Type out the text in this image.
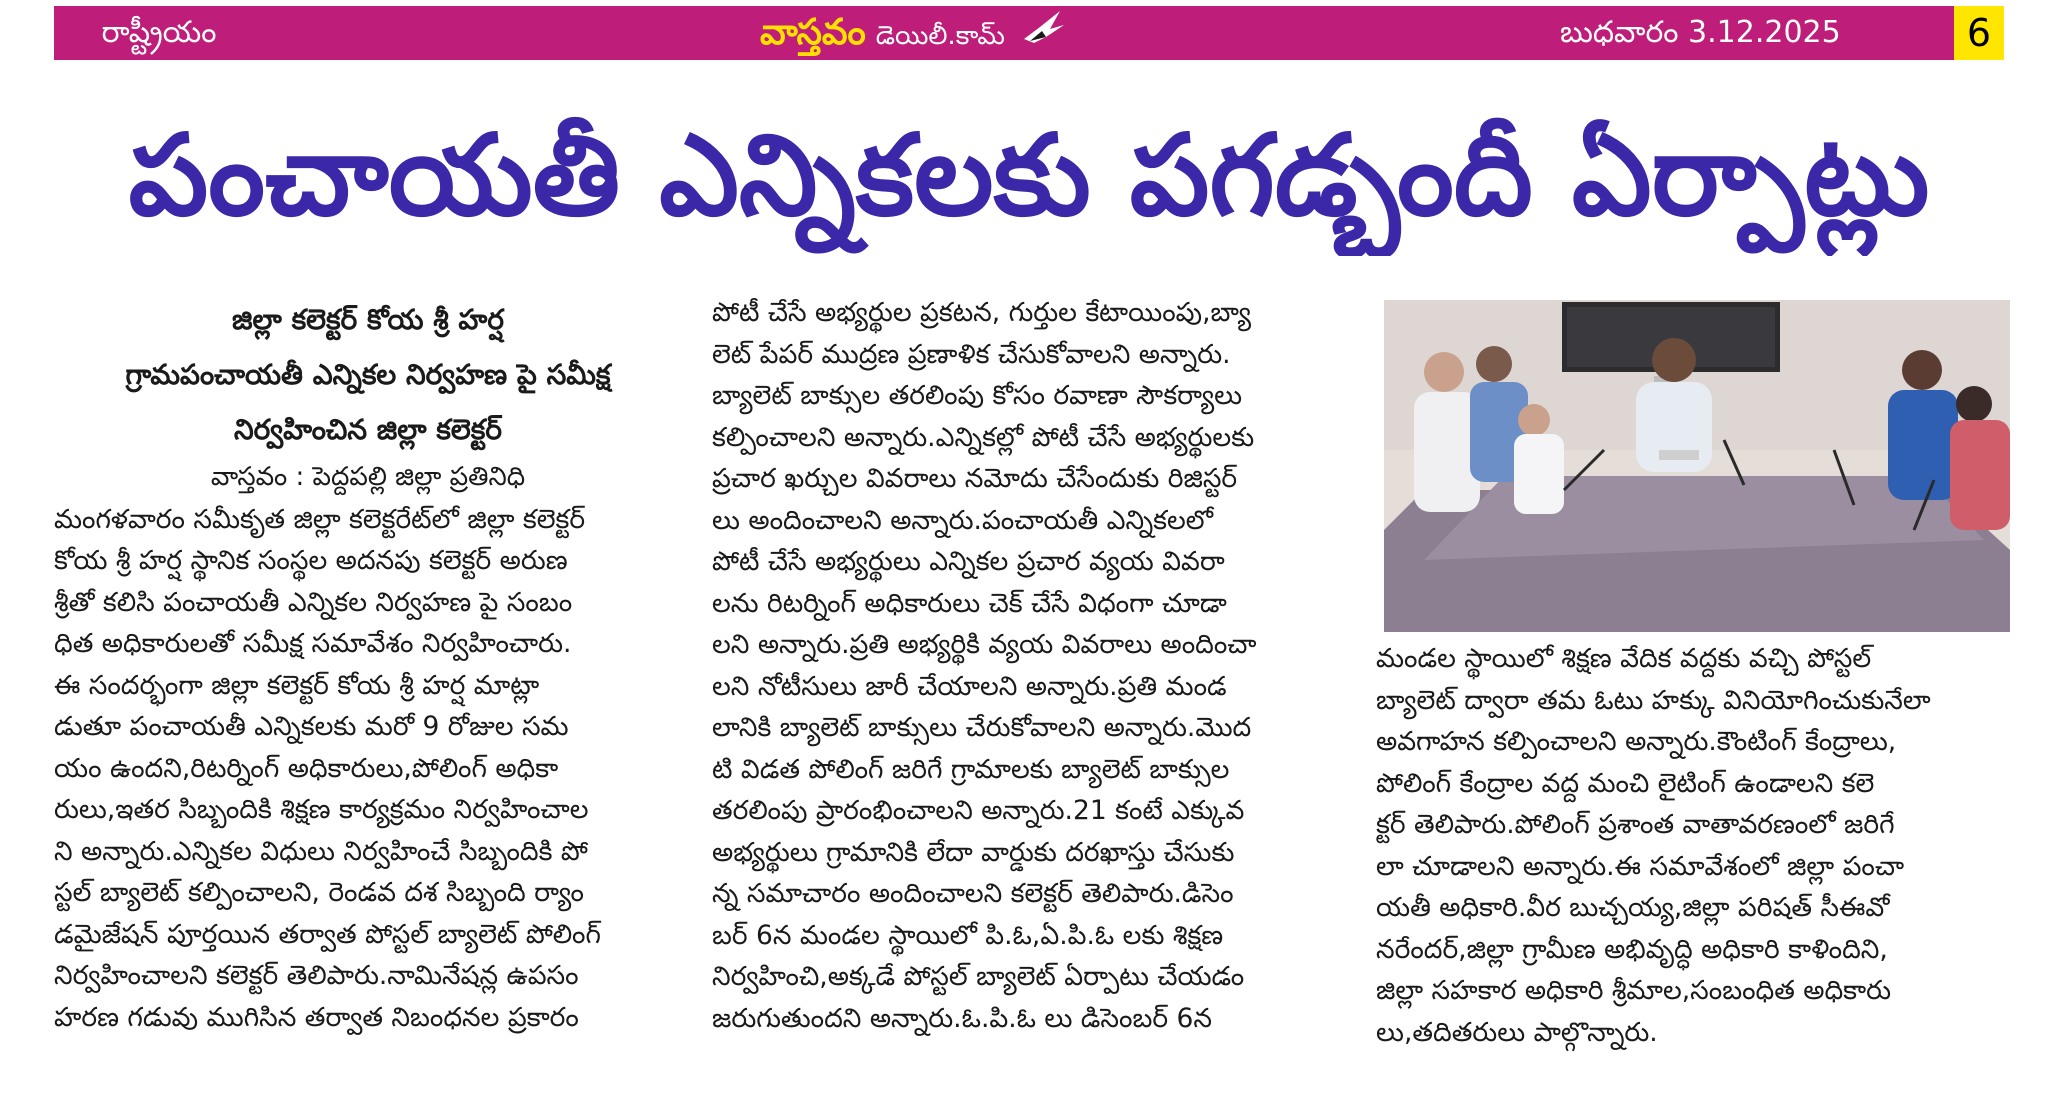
రాష్ట్రీయం	వాస్తవం డెయిలీ.కామ్	బుధవారం 3.12.2025	6
పంచాయతీ ఎన్నికలకు పగడ్బందీ ఏర్పాట్లు
జిల్లా కలెక్టర్ కోయ శ్రీ హర్ష
గ్రామపంచాయతీ ఎన్నికల నిర్వహణ పై సమీక్ష
నిర్వహించిన జిల్లా కలెక్టర్
వాస్తవం : పెద్దపల్లి జిల్లా ప్రతినిధి
మంగళవారం సమీకృత జిల్లా కలెక్టరేట్‌లో జిల్లా కలెక్టర్
కోయ శ్రీ హర్ష స్థానిక సంస్థల అదనపు కలెక్టర్ అరుణ
శ్రీతో కలిసి పంచాయతీ ఎన్నికల నిర్వహణ పై సంబం
ధిత అధికారులతో సమీక్ష సమావేశం నిర్వహించారు.
ఈ సందర్భంగా జిల్లా కలెక్టర్ కోయ శ్రీ హర్ష మాట్లా
డుతూ పంచాయతీ ఎన్నికలకు మరో 9 రోజుల సమ
యం ఉందని,రిటర్నింగ్ అధికారులు,పోలింగ్ అధికా
రులు,ఇతర సిబ్బందికి శిక్షణ కార్యక్రమం నిర్వహించాల
ని అన్నారు.ఎన్నికల విధులు నిర్వహించే సిబ్బందికి పో
స్టల్ బ్యాలెట్ కల్పించాలని, రెండవ దశ సిబ్బంది ర్యాం
డమైజేషన్ పూర్తయిన తర్వాత పోస్టల్ బ్యాలెట్ పోలింగ్
నిర్వహించాలని కలెక్టర్ తెలిపారు.నామినేషన్ల ఉపసం
హరణ గడువు ముగిసిన తర్వాత నిబంధనల ప్రకారం
పోటీ చేసే అభ్యర్థుల ప్రకటన, గుర్తుల కేటాయింపు,బ్యా
లెట్ పేపర్ ముద్రణ ప్రణాళిక చేసుకోవాలని అన్నారు.
బ్యాలెట్ బాక్సుల తరలింపు కోసం రవాణా సౌకర్యాలు
కల్పించాలని అన్నారు.ఎన్నికల్లో పోటీ చేసే అభ్యర్థులకు
ప్రచార ఖర్చుల వివరాలు నమోదు చేసేందుకు రిజిస్టర్
లు అందించాలని అన్నారు.పంచాయతీ ఎన్నికలలో
పోటీ చేసే అభ్యర్థులు ఎన్నికల ప్రచార వ్యయ వివరా
లను రిటర్నింగ్ అధికారులు చెక్ చేసే విధంగా చూడా
లని అన్నారు.ప్రతి అభ్యర్థికి వ్యయ వివరాలు అందించా
లని నోటీసులు జారీ చేయాలని అన్నారు.ప్రతి మండ
లానికి బ్యాలెట్ బాక్సులు చేరుకోవాలని అన్నారు.మొద
టి విడత పోలింగ్ జరిగే గ్రామాలకు బ్యాలెట్ బాక్సుల
తరలింపు ప్రారంభించాలని అన్నారు.21 కంటే ఎక్కువ
అభ్యర్థులు గ్రామానికి లేదా వార్డుకు దరఖాస్తు చేసుకు
న్న సమాచారం అందించాలని కలెక్టర్ తెలిపారు.డిసెం
బర్ 6న మండల స్థాయిలో పి.ఓ,ఏ.పి.ఓ లకు శిక్షణ
నిర్వహించి,అక్కడే పోస్టల్ బ్యాలెట్ ఏర్పాటు చేయడం
జరుగుతుందని అన్నారు.ఓ.పి.ఓ లు డిసెంబర్ 6న
మండల స్థాయిలో శిక్షణ వేదిక వద్దకు వచ్చి పోస్టల్
బ్యాలెట్ ద్వారా తమ ఓటు హక్కు వినియోగించుకునేలా
అవగాహన కల్పించాలని అన్నారు.కౌంటింగ్ కేంద్రాలు,
పోలింగ్ కేంద్రాల వద్ద మంచి లైటింగ్ ఉండాలని కలె
క్టర్ తెలిపారు.పోలింగ్ ప్రశాంత వాతావరణంలో జరిగే
లా చూడాలని అన్నారు.ఈ సమావేశంలో జిల్లా పంచా
యతీ అధికారి.వీర బుచ్చయ్య,జిల్లా పరిషత్ సీఈవో
నరేందర్,జిల్లా గ్రామీణ అభివృద్ధి అధికారి కాళిందిని,
జిల్లా సహకార అధికారి శ్రీమాల,సంబంధిత అధికారు
లు,తదితరులు పాల్గొన్నారు.
